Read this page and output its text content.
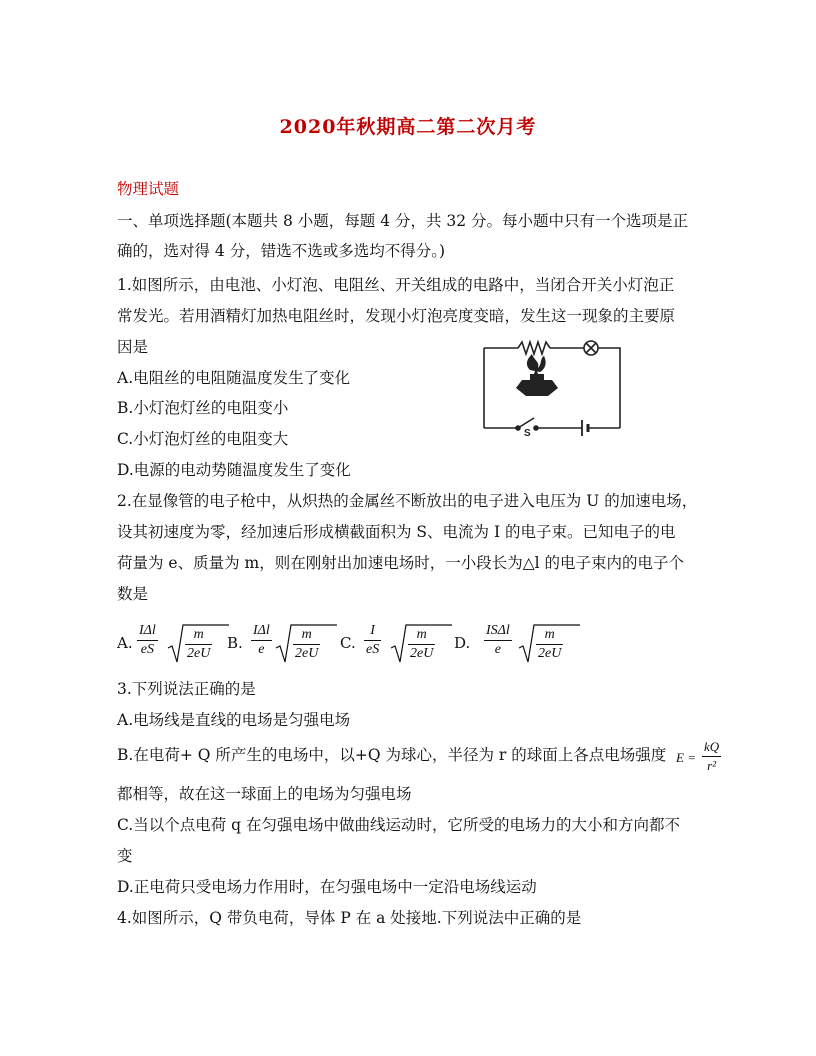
2020年秋期高二第二次月考
物理试题
一、单项选择题(本题共 8 小题，每题 4 分，共 32 分。每小题中只有一个选项是正
确的，选对得 4 分，错选不选或多选均不得分。)
1.如图所示，由电池、小灯泡、电阻丝、开关组成的电路中，当闭合开关小灯泡正
常发光。若用酒精灯加热电阻丝时，发现小灯泡亮度变暗，发生这一现象的主要原
因是
A.电阻丝的电阻随温度发生了变化
B.小灯泡灯丝的电阻变小
C.小灯泡灯丝的电阻变大
D.电源的电动势随温度发生了变化
S
2.在显像管的电子枪中，从炽热的金属丝不断放出的电子进入电压为 U 的加速电场，
设其初速度为零，经加速后形成横截面积为 S、电流为 I 的电子束。已知电子的电
荷量为 e、质量为 m，则在刚射出加速电场时，一小段长为△l 的电子束内的电子个
数是
A.
IΔl
eS
m
2eU
B.
IΔl
e
m
2eU
C.
I
eS
m
2eU
D.
ISΔl
e
m
2eU
3.下列说法正确的是
A.电场线是直线的电场是匀强电场
B.在电荷+ Q 所产生的电场中，以+Q 为球心，半径为 r 的球面上各点电场强度 E =
kQ
r²
都相等，故在这一球面上的电场为匀强电场
C.当以个点电荷 q 在匀强电场中做曲线运动时，它所受的电场力的大小和方向都不
变
D.正电荷只受电场力作用时，在匀强电场中一定沿电场线运动
4.如图所示，Q 带负电荷，导体 P 在 a 处接地.下列说法中正确的是
